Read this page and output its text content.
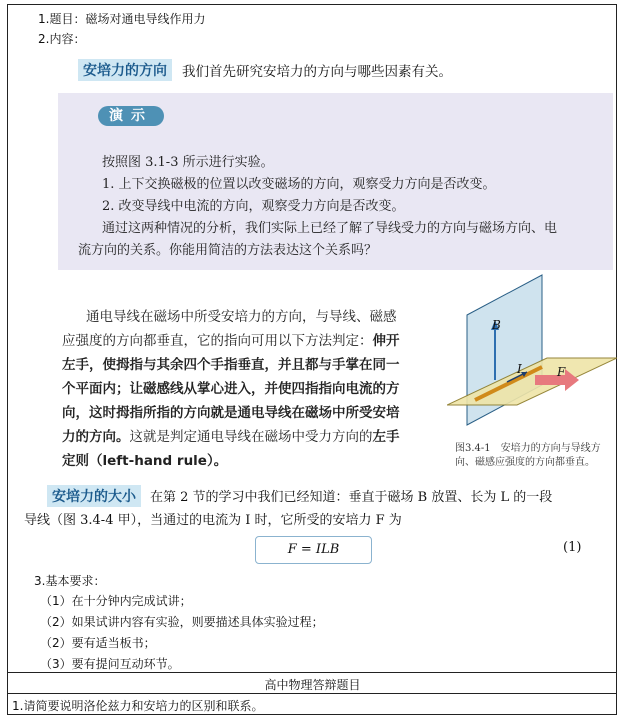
1.题目：磁场对通电导线作用力
2.内容：
安培力的方向	我们首先研究安培力的方向与哪些因素有关。
演示
按照图 3.1-3 所示进行实验。
1. 上下交换磁极的位置以改变磁场的方向，观察受力方向是否改变。
2. 改变导线中电流的方向，观察受力方向是否改变。
通过这两种情况的分析，我们实际上已经了解了导线受力的方向与磁场方向、电
流方向的关系。你能用简洁的方法表达这个关系吗？
通电导线在磁场中所受安培力的方向，与导线、磁感
应强度的方向都垂直，它的指向可用以下方法判定：伸开
左手，使拇指与其余四个手指垂直，并且都与手掌在同一
个平面内；让磁感线从掌心进入，并使四指指向电流的方
向，这时拇指所指的方向就是通电导线在磁场中所受安培
力的方向。这就是判定通电导线在磁场中受力方向的左手
定则（left-hand rule）。
B
I	F
图3.4-1　安培力的方向与导线方向、磁感应强度的方向都垂直。
安培力的大小	在第 2 节的学习中我们已经知道：垂直于磁场 B 放置、长为 L 的一段
导线（图 3.4-4 甲），当通过的电流为 I 时，它所受的安培力 F 为
F = ILB	(1)
3.基本要求：
（1）在十分钟内完成试讲；
（2）如果试讲内容有实验，则要描述具体实验过程；
（2）要有适当板书；
（3）要有提问互动环节。
高中物理答辩题目
1.请简要说明洛伦兹力和安培力的区别和联系。
